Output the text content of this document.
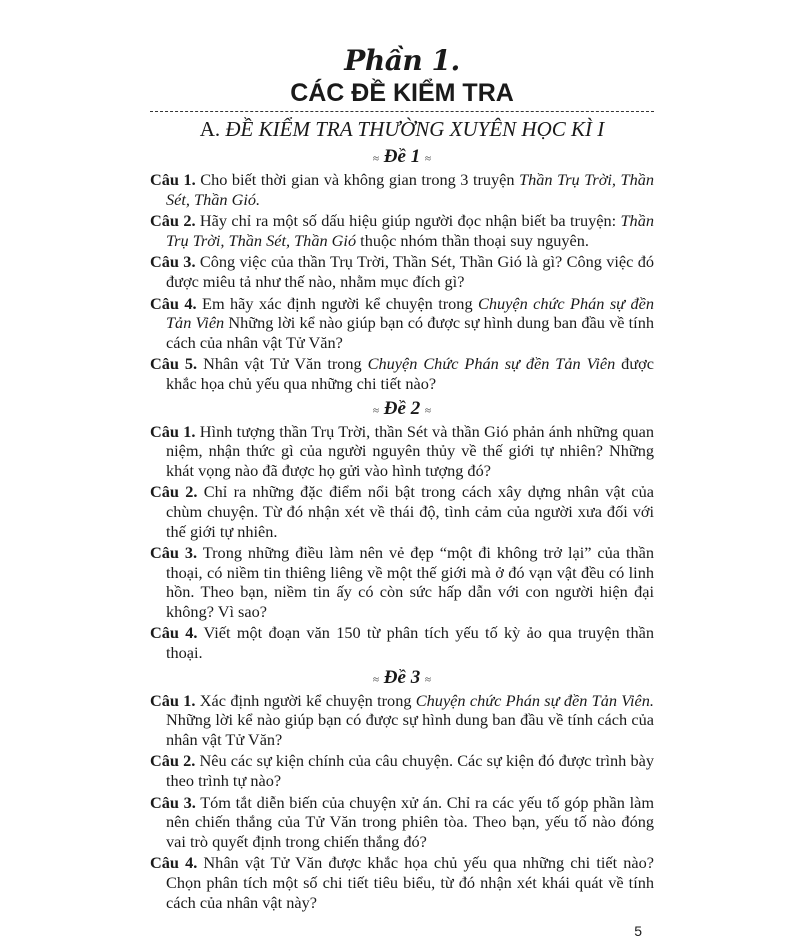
Phần 1.
CÁC ĐỀ KIỂM TRA
A. ĐỀ KIỂM TRA THƯỜNG XUYÊN HỌC KÌ I
≈ Đề 1 ≈
Câu 1. Cho biết thời gian và không gian trong 3 truyện Thần Trụ Trời, Thần Sét, Thần Gió.
Câu 2. Hãy chỉ ra một số dấu hiệu giúp người đọc nhận biết ba truyện: Thần Trụ Trời, Thần Sét, Thần Gió thuộc nhóm thần thoại suy nguyên.
Câu 3. Công việc của thần Trụ Trời, Thần Sét, Thần Gió là gì? Công việc đó được miêu tả như thế nào, nhằm mục đích gì?
Câu 4. Em hãy xác định người kể chuyện trong Chuyện chức Phán sự đền Tản Viên Những lời kể nào giúp bạn có được sự hình dung ban đầu về tính cách của nhân vật Tử Văn?
Câu 5. Nhân vật Tử Văn trong Chuyện Chức Phán sự đền Tản Viên được khắc họa chủ yếu qua những chi tiết nào?
≈ Đề 2 ≈
Câu 1. Hình tượng thần Trụ Trời, thần Sét và thần Gió phản ánh những quan niệm, nhận thức gì của người nguyên thủy về thế giới tự nhiên? Những khát vọng nào đã được họ gửi vào hình tượng đó?
Câu 2. Chỉ ra những đặc điểm nổi bật trong cách xây dựng nhân vật của chùm chuyện. Từ đó nhận xét về thái độ, tình cảm của người xưa đối với thế giới tự nhiên.
Câu 3. Trong những điều làm nên vẻ đẹp “một đi không trở lại” của thần thoại, có niềm tin thiêng liêng về một thế giới mà ở đó vạn vật đều có linh hồn. Theo bạn, niềm tin ấy có còn sức hấp dẫn với con người hiện đại không? Vì sao?
Câu 4. Viết một đoạn văn 150 từ phân tích yếu tố kỳ ảo qua truyện thần thoại.
≈ Đề 3 ≈
Câu 1. Xác định người kể chuyện trong Chuyện chức Phán sự đền Tản Viên. Những lời kể nào giúp bạn có được sự hình dung ban đầu về tính cách của nhân vật Tử Văn?
Câu 2. Nêu các sự kiện chính của câu chuyện. Các sự kiện đó được trình bày theo trình tự nào?
Câu 3. Tóm tắt diễn biến của chuyện xử án. Chỉ ra các yếu tố góp phần làm nên chiến thắng của Tử Văn trong phiên tòa. Theo bạn, yếu tố nào đóng vai trò quyết định trong chiến thắng đó?
Câu 4. Nhân vật Tử Văn được khắc họa chủ yếu qua những chi tiết nào? Chọn phân tích một số chi tiết tiêu biểu, từ đó nhận xét khái quát về tính cách của nhân vật này?
5
